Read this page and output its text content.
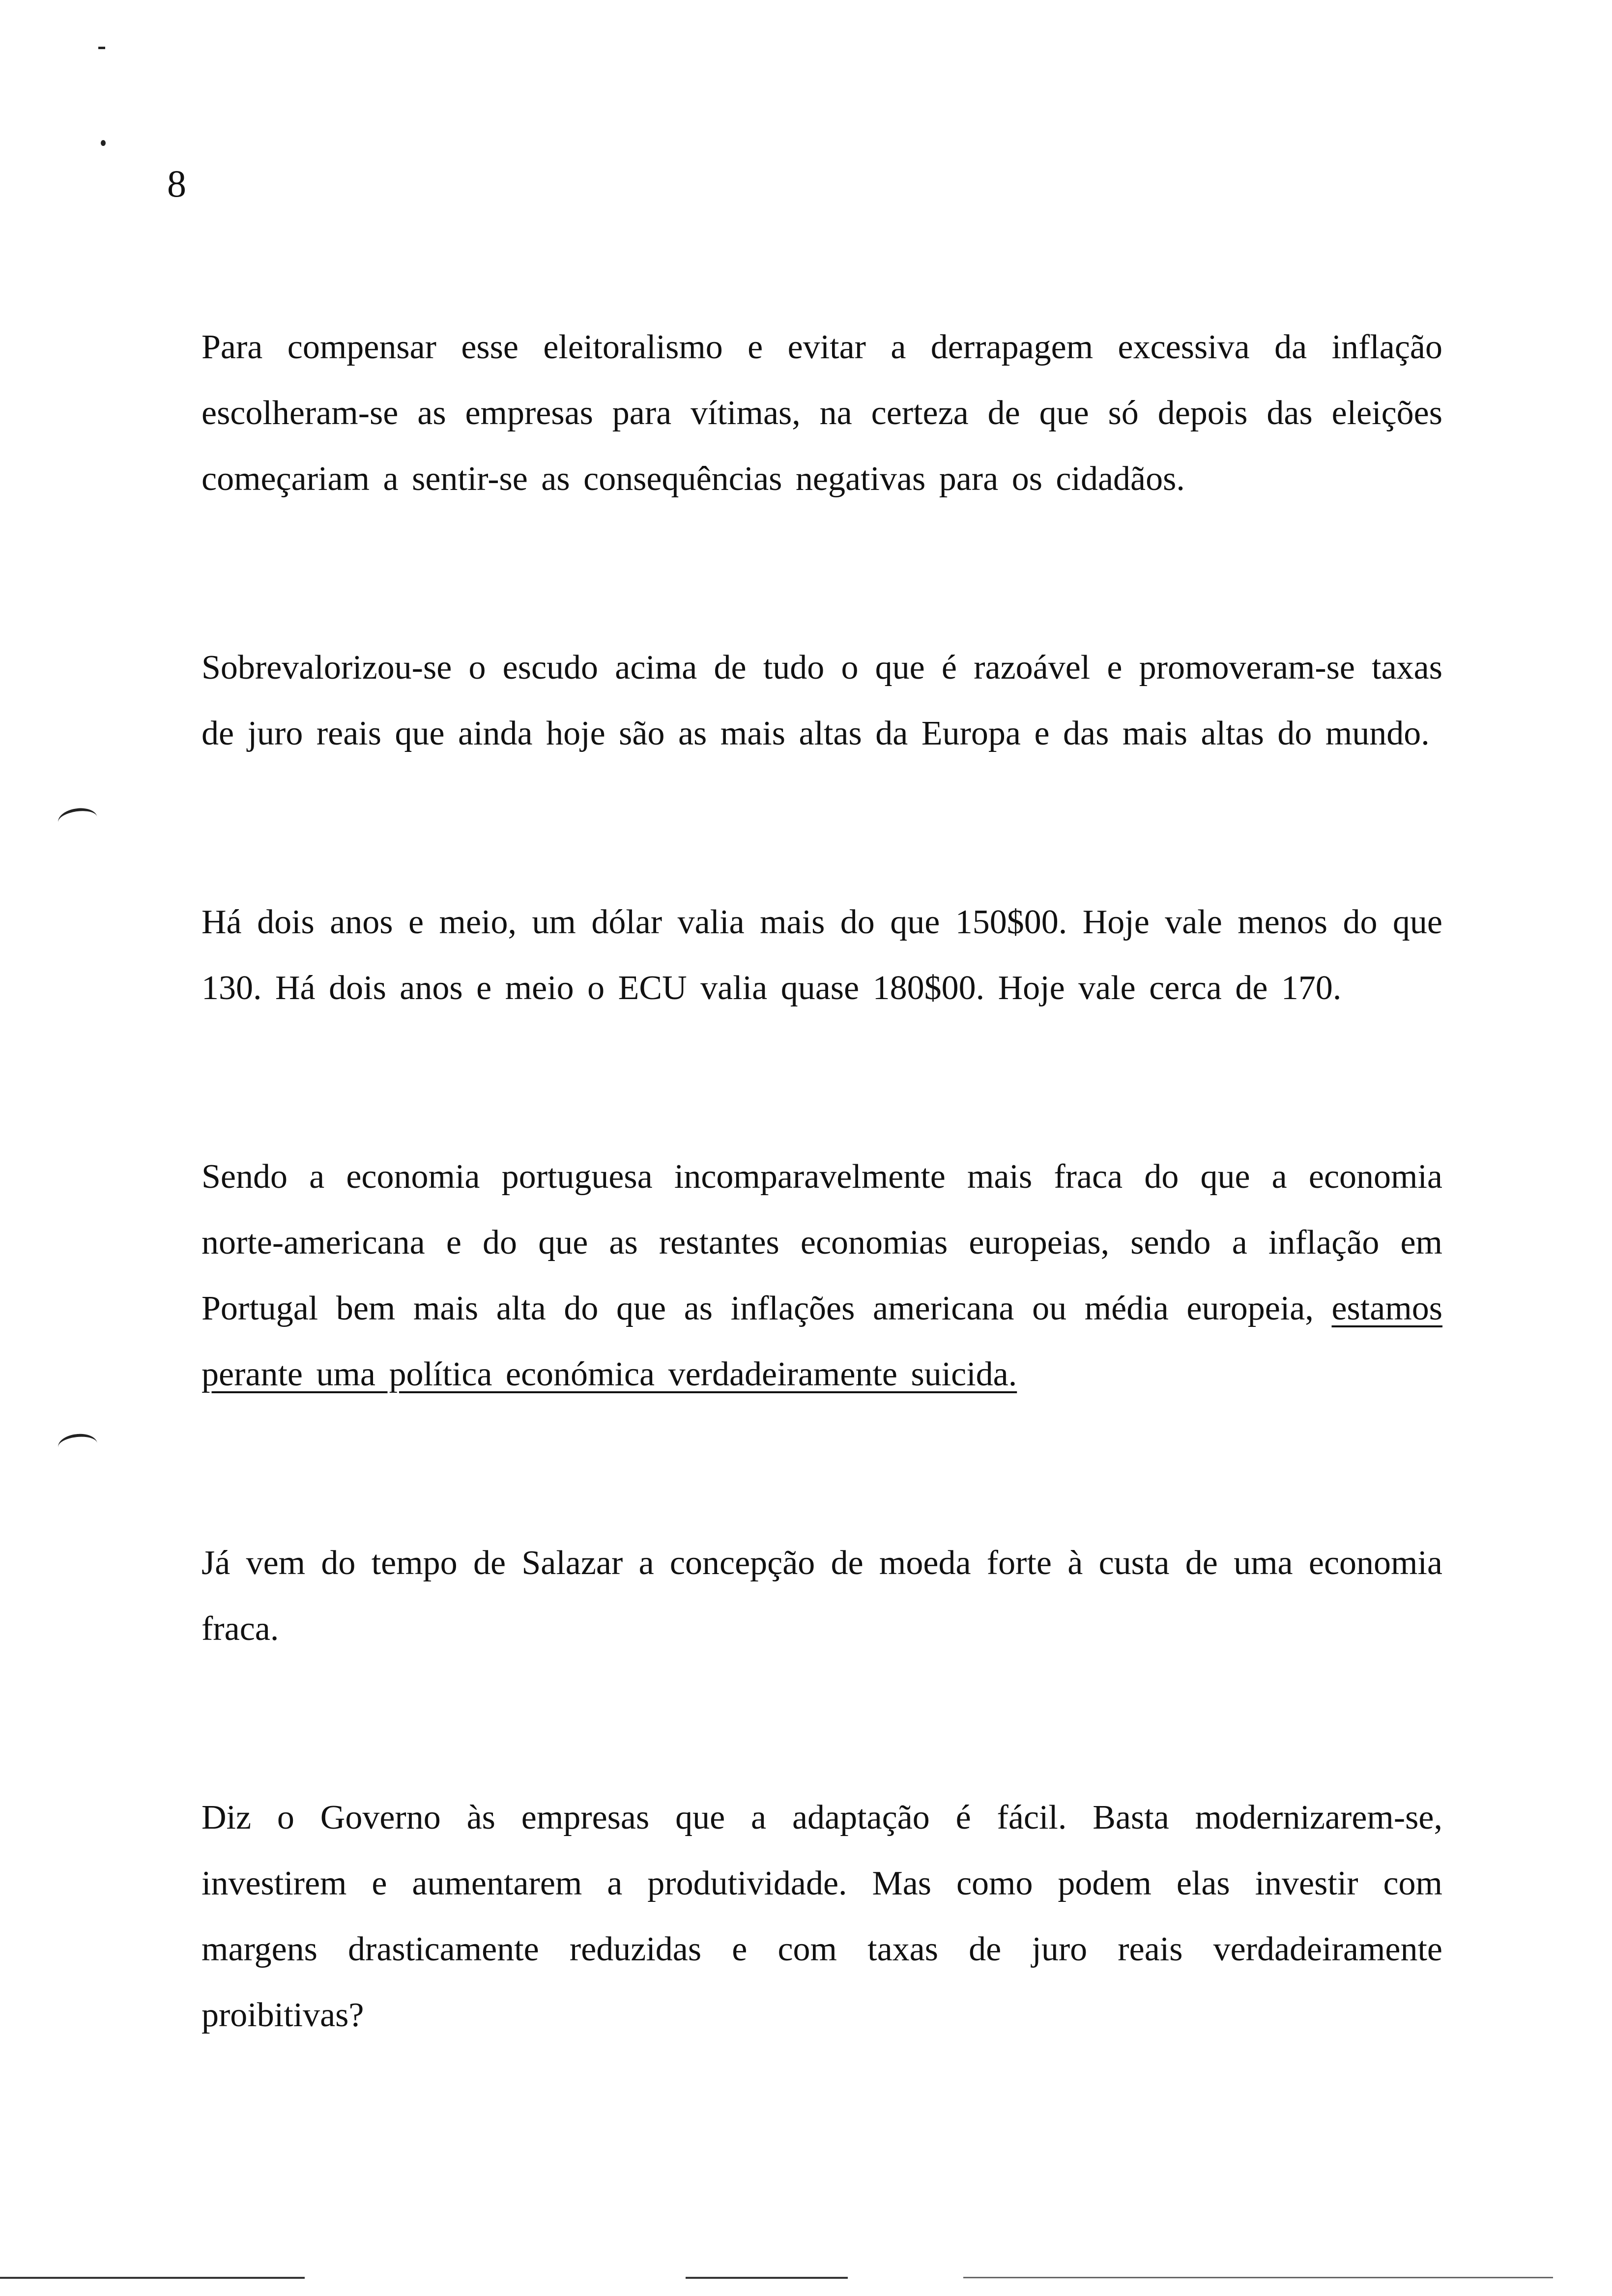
8

Para compensar esse eleitoralismo e evitar a derrapagem excessiva da inflação escolheram-se as empresas para vítimas, na certeza de que só depois das eleições começariam a sentir-se as consequências negativas para os cidadãos.

Sobrevalorizou-se o escudo acima de tudo o que é razoável e promoveram-se taxas de juro reais que ainda hoje são as mais altas da Europa e das mais altas do mundo.

Há dois anos e meio, um dólar valia mais do que 150$00. Hoje vale menos do que 130. Há dois anos e meio o ECU valia quase 180$00. Hoje vale cerca de 170.

Sendo a economia portuguesa incomparavelmente mais fraca do que a economia norte-americana e do que as restantes economias europeias, sendo a inflação em Portugal bem mais alta do que as inflações americana ou média europeia, estamos perante uma política económica verdadeiramente suicida.

Já vem do tempo de Salazar a concepção de moeda forte à custa de uma economia fraca.

Diz o Governo às empresas que a adaptação é fácil. Basta modernizarem-se, investirem e aumentarem a produtividade. Mas como podem elas investir com margens drasticamente reduzidas e com taxas de juro reais verdadeiramente proibitivas?
